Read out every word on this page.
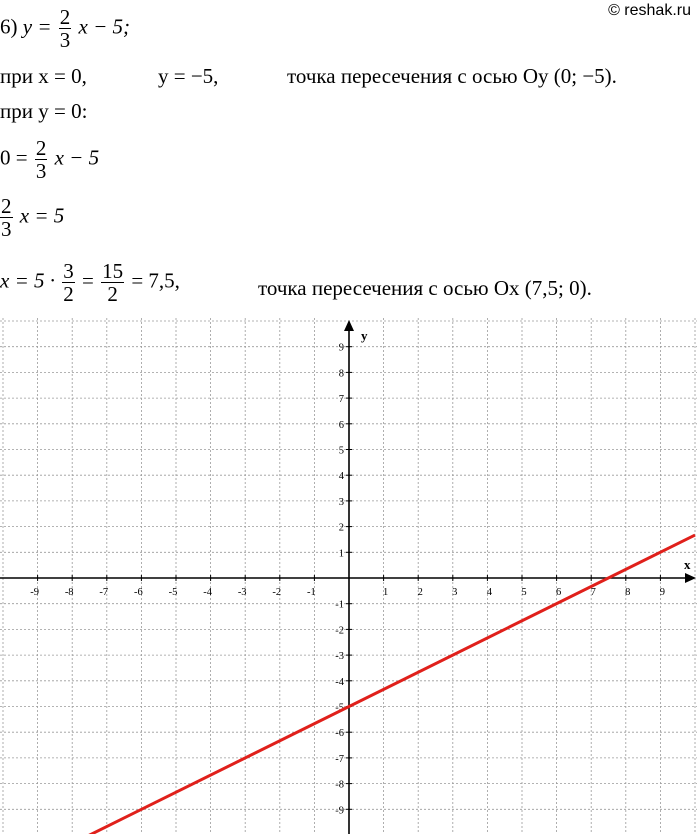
© reshak.ru
6) $y = \frac{2}{3}$ x − 5;
при x = 0,	y = −5,	точка пересечения с осью Oy (0; −5).
при y = 0:
$0 = \frac{2}{3}$ x − 5
$\frac{2}{3}$ x = 5
$x = 5 \cdot \frac{3}{2} = \frac{15}{2} = 7,5$,	точка пересечения с осью Ox (7,5; 0).
x
y
-9 -8 -7 -6 -5 -4 -3 -2 -1	1	2	3	4	5	6	7	8	9
9
8
7
6
5
4
3
2
1
-1
-2
-3
-4
-5
-6
-7
-8
-9
